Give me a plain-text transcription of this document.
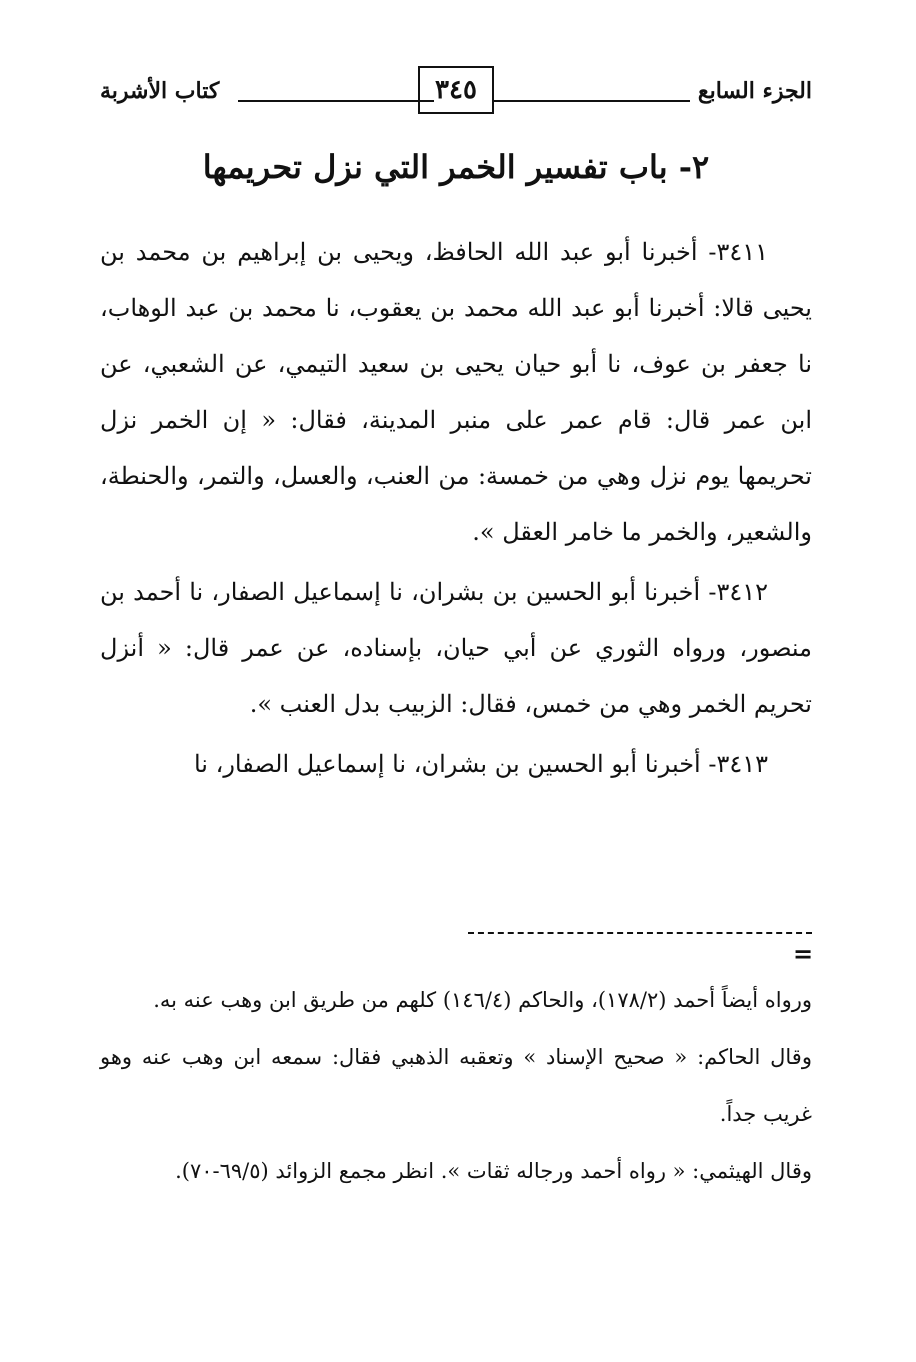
الجزء السابع
٣٤٥
كتاب الأشربة
٢- باب تفسير الخمر التي نزل تحريمها

٣٤١١- أخبرنا أبو عبد الله الحافظ، ويحيى بن إبراهيم بن محمد بن يحيى قالا: أخبرنا أبو عبد الله محمد بن يعقوب، نا محمد بن عبد الوهاب، نا جعفر بن عوف، نا أبو حيان يحيى بن سعيد التيمي، عن الشعبي، عن ابن عمر قال: قام عمر على منبر المدينة، فقال: « إن الخمر نزل تحريمها يوم نزل وهي من خمسة: من العنب، والعسل، والتمر، والحنطة، والشعير، والخمر ما خامر العقل ».

٣٤١٢- أخبرنا أبو الحسين بن بشران، نا إسماعيل الصفار، نا أحمد بن منصور، ورواه الثوري عن أبي حيان، بإسناده، عن عمر قال: « أنزل تحريم الخمر وهي من خمس، فقال: الزبيب بدل العنب ».

٣٤١٣- أخبرنا أبو الحسين بن بشران، نا إسماعيل الصفار، نا

=

ورواه أيضاً أحمد (١٧٨/٢)، والحاكم (١٤٦/٤) كلهم من طريق ابن وهب عنه به.

وقال الحاكم: « صحيح الإسناد » وتعقبه الذهبي فقال: سمعه ابن وهب عنه وهو غريب جداً.

وقال الهيثمي: « رواه أحمد ورجاله ثقات ». انظر مجمع الزوائد (٦٩/٥-٧٠).
